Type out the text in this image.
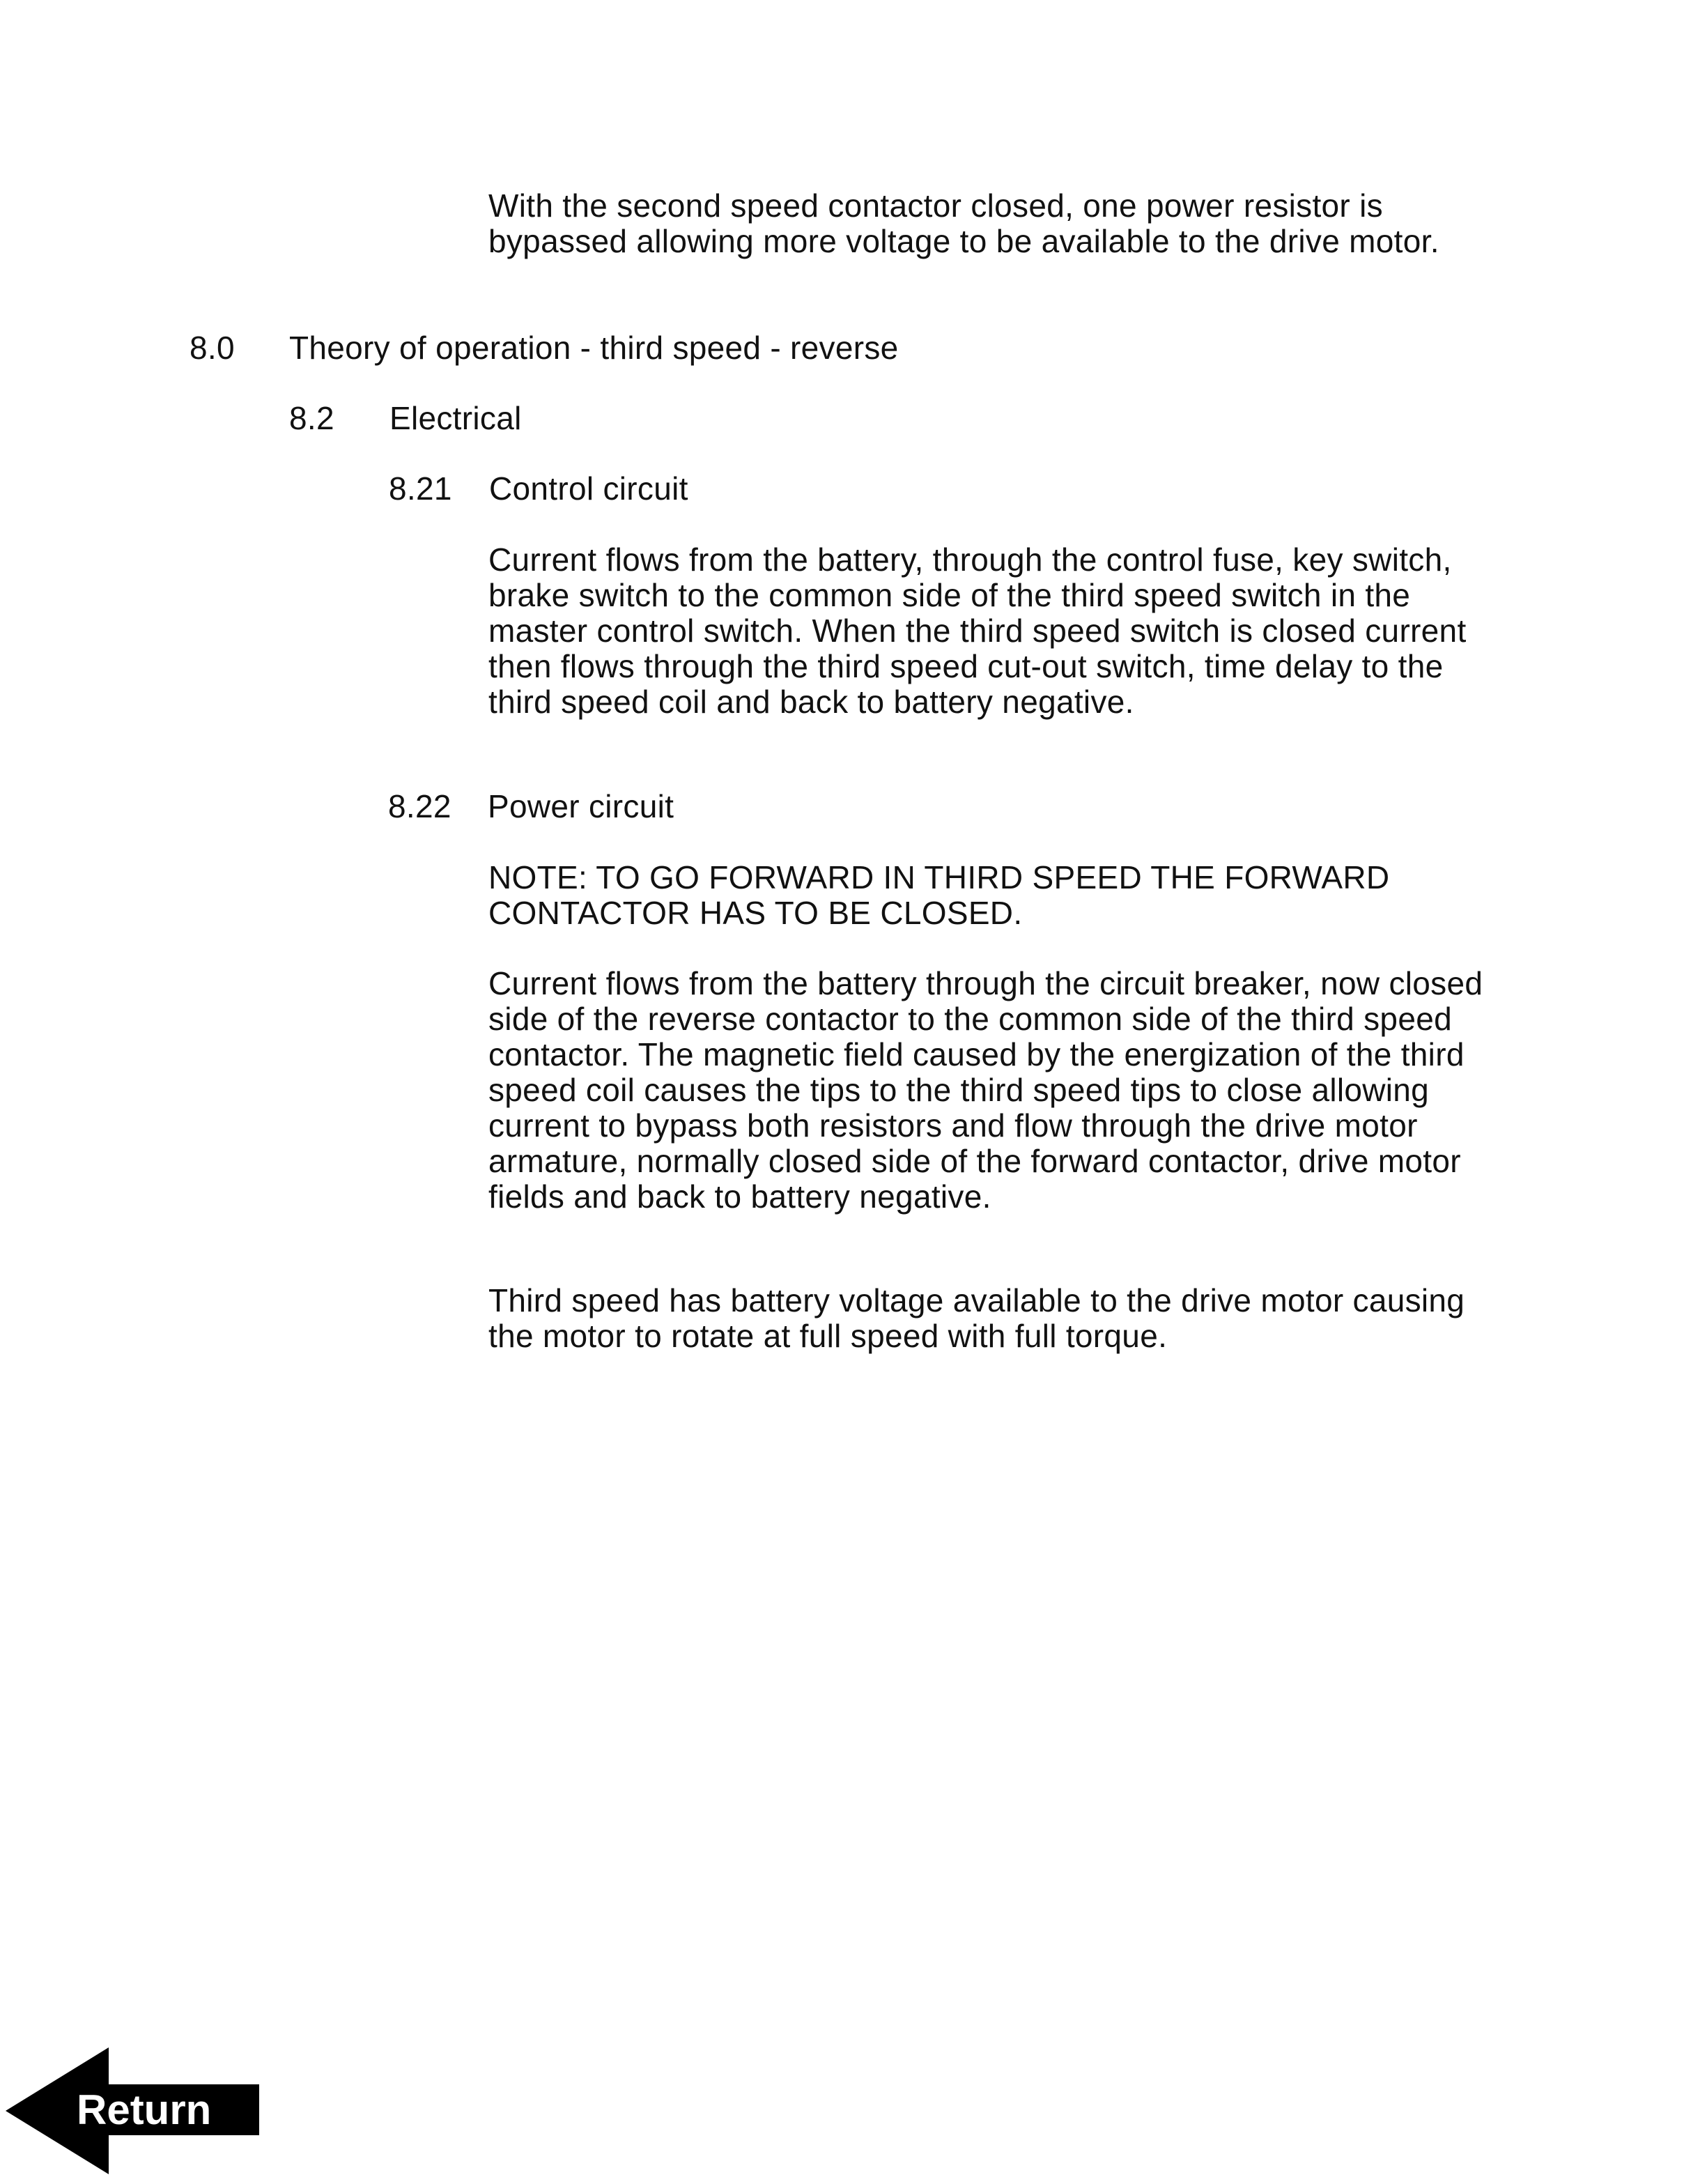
With the second speed contactor closed, one power resistor is bypassed allowing more voltage to be available to the drive motor.

8.0 Theory of operation - third speed - reverse
8.2 Electrical
8.21 Control circuit

Current flows from the battery, through the control fuse, key switch, brake switch to the common side of the third speed switch in the master control switch. When the third speed switch is closed current then flows through the third speed cut-out switch, time delay to the third speed coil and back to battery negative.

8.22 Power circuit

NOTE: TO GO FORWARD IN THIRD SPEED THE FORWARD CONTACTOR HAS TO BE CLOSED.

Current flows from the battery through the circuit breaker, now closed side of the reverse contactor to the common side of the third speed contactor. The magnetic field caused by the energization of the third speed coil causes the tips to the third speed tips to close allowing current to bypass both resistors and flow through the drive motor armature, normally closed side of the forward contactor, drive motor fields and back to battery negative.

Third speed has battery voltage available to the drive motor causing the motor to rotate at full speed with full torque.

Return
